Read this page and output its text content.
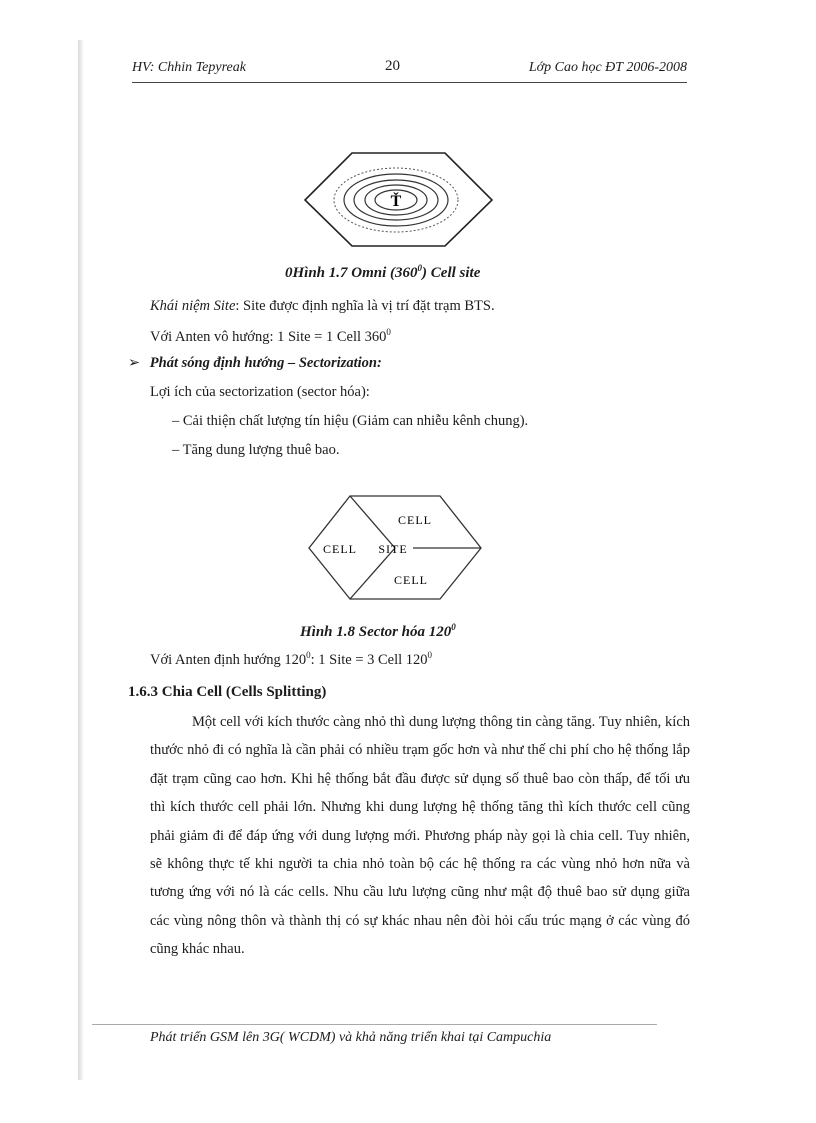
HV: Chhin Tepyreak	20	Lớp Cao học ĐT 2006-2008
Ť
0Hình 1.7 Omni $(360^0)$ Cell site
Khái niệm Site: Site được định nghĩa là vị trí đặt trạm BTS.
Với Anten vô hướng: 1 Site = 1 Cell $360^0$
➢ Phát sóng định hướng – Sectorization:
Lợi ích của sectorization (sector hóa):
– Cải thiện chất lượng tín hiệu (Giảm can nhiễu kênh chung).
– Tăng dung lượng thuê bao.
CELL
CELL SITE
CELL
Hình 1.8 Sector hóa $120^0$
Với Anten định hướng $120^0$: 1 Site = 3 Cell $120^0$
1.6.3 Chia Cell (Cells Splitting)
Một cell với kích thước càng nhỏ thì dung lượng thông tin càng tăng. Tuy nhiên, kích thước nhỏ đi có nghĩa là cần phải có nhiều trạm gốc hơn và như thế chi phí cho hệ thống lắp đặt trạm cũng cao hơn. Khi hệ thống bắt đầu được sử dụng số thuê bao còn thấp, để tối ưu thì kích thước cell phải lớn. Nhưng khi dung lượng hệ thống tăng thì kích thước cell cũng phải giảm đi để đáp ứng với dung lượng mới. Phương pháp này gọi là chia cell. Tuy nhiên, sẽ không thực tế khi người ta chia nhỏ toàn bộ các hệ thống ra các vùng nhỏ hơn nữa và tương ứng với nó là các cells. Nhu cầu lưu lượng cũng như mật độ thuê bao sử dụng giữa các vùng nông thôn và thành thị có sự khác nhau nên đòi hỏi cấu trúc mạng ở các vùng đó cũng khác nhau.
Phát triển GSM lên 3G( WCDM) và khả năng triển khai tại Campuchia
